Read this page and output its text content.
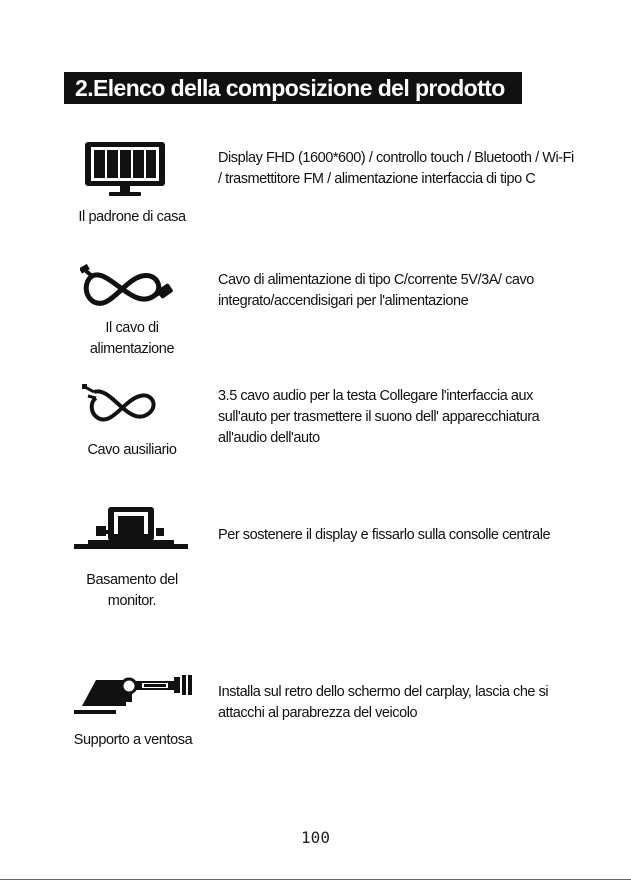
2.Elenco della composizione del prodotto
Il padrone di casa
Display FHD (1600*600) / controllo touch / Bluetooth / Wi-Fi / trasmettitore FM / alimentazione interfaccia di tipo C
Il cavo di alimentazione
Cavo di alimentazione di tipo C/corrente 5V/3A/ cavo integrato/accendisigari per l'alimentazione
Cavo ausiliario
3.5 cavo audio per la testa Collegare l'interfaccia aux sull'auto per trasmettere il suono dell' apparecchiatura all'audio dell'auto
Basamento del monitor.
Per sostenere il display e fissarlo sulla consolle centrale
Supporto a ventosa
Installa sul retro dello schermo del carplay, lascia che si attacchi al parabrezza del veicolo
100
